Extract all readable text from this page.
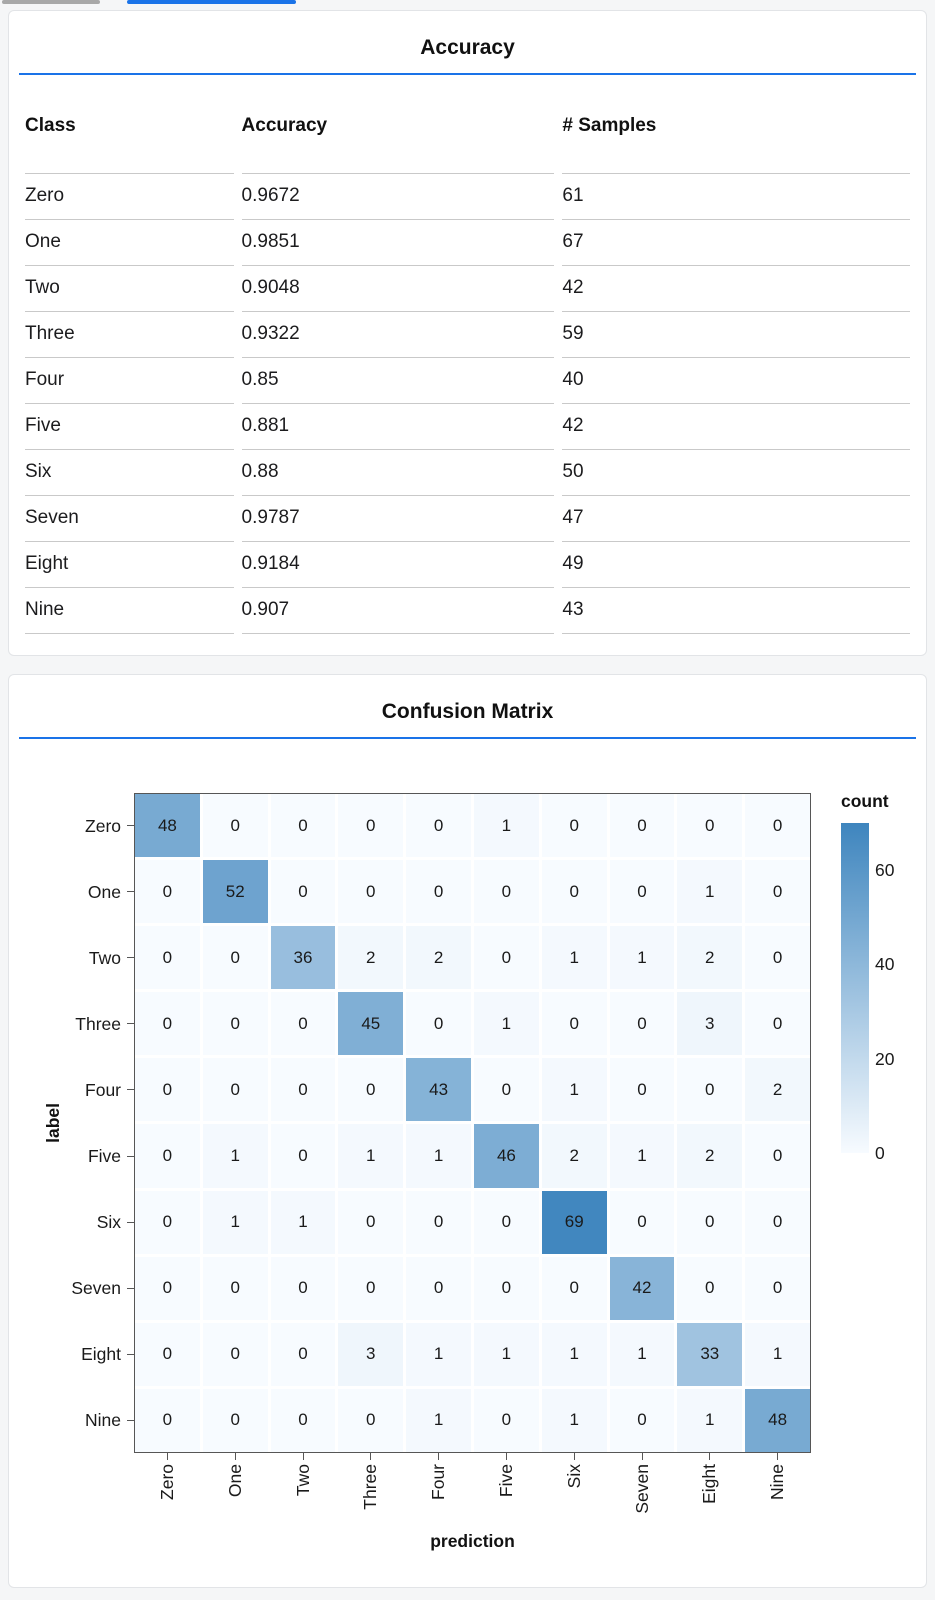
Accuracy
Class	Accuracy	# Samples
Zero	0.9672	61
One	0.9851	67
Two	0.9048	42
Three	0.9322	59
Four	0.85	40
Five	0.881	42
Six	0.88	50
Seven	0.9787	47
Eight	0.9184	49
Nine	0.907	43
Confusion Matrix
label
48	0	0	0	0	1	0	0	0	0
0	52	0	0	0	0	0	0	1	0
0	0	36	2	2	0	1	1	2	0
0	0	0	45	0	1	0	0	3	0
0	0	0	0	43	0	1	0	0	2
0	1	0	1	1	46	2	1	2	0
0	1	1	0	0	0	69	0	0	0
0	0	0	0	0	0	0	42	0	0
0	0	0	3	1	1	1	1	33	1
0	0	0	0	1	0	1	0	1	48
prediction
count
Zero
One
Two
Three
Four
Five
Six
Seven
Eight
Nine
Zero	One	Two	Three	Four	Five	Six	Seven	Eight	Nine
0
20
40
60
